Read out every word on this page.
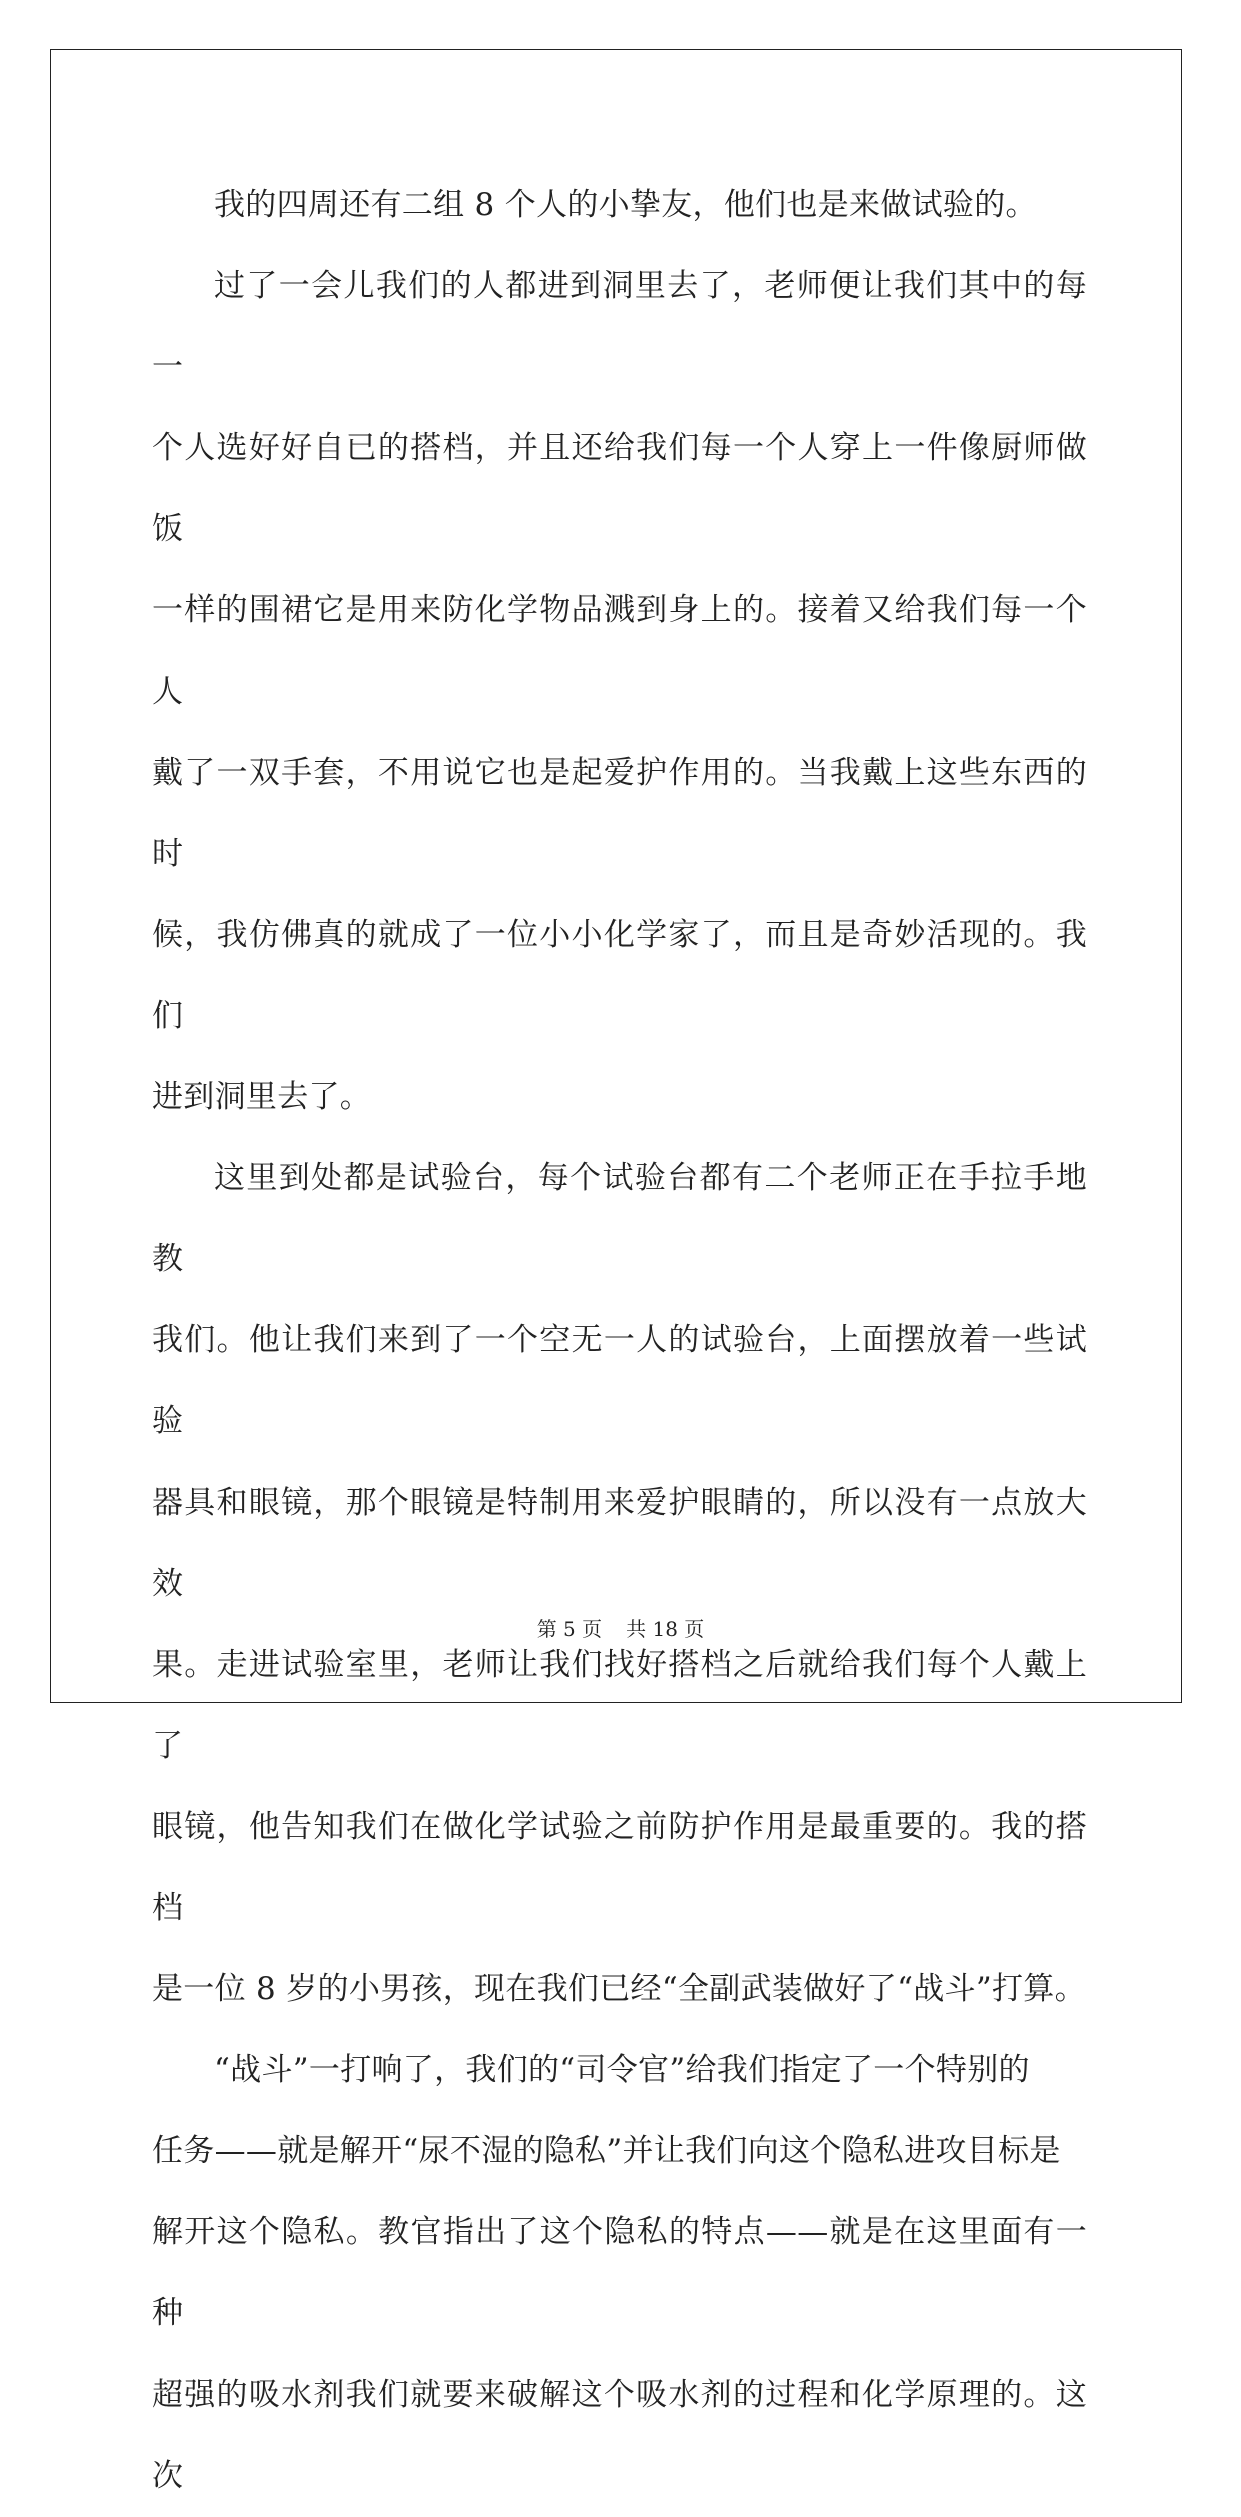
我的四周还有二组 8 个人的小挚友，他们也是来做试验的。

过了一会儿我们的人都进到洞里去了，老师便让我们其中的每一

个人选好好自已的搭档，并且还给我们每一个人穿上一件像厨师做饭

一样的围裙它是用来防化学物品溅到身上的。接着又给我们每一个人

戴了一双手套，不用说它也是起爱护作用的。当我戴上这些东西的时

候，我仿佛真的就成了一位小小化学家了，而且是奇妙活现的。我们

进到洞里去了。

这里到处都是试验台，每个试验台都有二个老师正在手拉手地教

我们。他让我们来到了一个空无一人的试验台，上面摆放着一些试验

器具和眼镜，那个眼镜是特制用来爱护眼睛的，所以没有一点放大效

果。走进试验室里，老师让我们找好搭档之后就给我们每个人戴上了

眼镜，他告知我们在做化学试验之前防护作用是最重要的。我的搭档

是一位 8 岁的小男孩，现在我们已经“全副武装做好了“战斗”打算。

“战斗”一打响了，我们的“司令官”给我们指定了一个特别的

任务——就是解开“尿不湿的隐私”并让我们向这个隐私进攻目标是

解开这个隐私。教官指出了这个隐私的特点——就是在这里面有一种

超强的吸水剂我们就要来破解这个吸水剂的过程和化学原理的。这次

第 5 页 共 18 页
